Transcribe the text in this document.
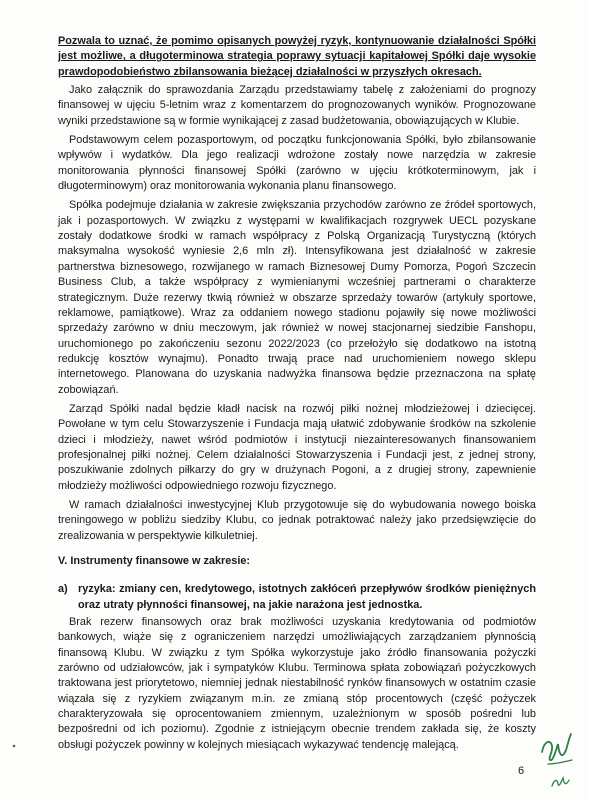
Pozwala to uznać, że pomimo opisanych powyżej ryzyk, kontynuowanie działalności Spółki jest możliwe, a długoterminowa strategia poprawy sytuacji kapitałowej Spółki daje wysokie prawdopodobieństwo zbilansowania bieżącej działalności w przyszłych okresach.

Jako załącznik do sprawozdania Zarządu przedstawiamy tabelę z założeniami do prognozy finansowej w ujęciu 5-letnim wraz z komentarzem do prognozowanych wyników. Prognozowane wyniki przedstawione są w formie wynikającej z zasad budżetowania, obowiązujących w Klubie.

Podstawowym celem pozasportowym, od początku funkcjonowania Spółki, było zbilansowanie wpływów i wydatków. Dla jego realizacji wdrożone zostały nowe narzędzia w zakresie monitorowania płynności finansowej Spółki (zarówno w ujęciu krótkoterminowym, jak i długoterminowym) oraz monitorowania wykonania planu finansowego.

Spółka podejmuje działania w zakresie zwiększania przychodów zarówno ze źródeł sportowych, jak i pozasportowych. W związku z występami w kwalifikacjach rozgrywek UECL pozyskane zostały dodatkowe środki w ramach współpracy z Polską Organizacją Turystyczną (których maksymalna wysokość wyniesie 2,6 mln zł). Intensyfikowana jest działalność w zakresie partnerstwa biznesowego, rozwijanego w ramach Biznesowej Dumy Pomorza, Pogoń Szczecin Business Club, a także współpracy z wymienianymi wcześniej partnerami o charakterze strategicznym. Duże rezerwy tkwią również w obszarze sprzedaży towarów (artykuły sportowe, reklamowe, pamiątkowe). Wraz za oddaniem nowego stadionu pojawiły się nowe możliwości sprzedaży zarówno w dniu meczowym, jak również w nowej stacjonarnej siedzibie Fanshopu, uruchomionego po zakończeniu sezonu 2022/2023 (co przełożyło się dodatkowo na istotną redukcję kosztów wynajmu). Ponadto trwają prace nad uruchomieniem nowego sklepu internetowego. Planowana do uzyskania nadwyżka finansowa będzie przeznaczona na spłatę zobowiązań.

Zarząd Spółki nadal będzie kładł nacisk na rozwój piłki nożnej młodzieżowej i dziecięcej. Powołane w tym celu Stowarzyszenie i Fundacja mają ułatwić zdobywanie środków na szkolenie dzieci i młodzieży, nawet wśród podmiotów i instytucji niezainteresowanych finansowaniem profesjonalnej piłki nożnej. Celem działalności Stowarzyszenia i Fundacji jest, z jednej strony, poszukiwanie zdolnych piłkarzy do gry w drużynach Pogoni, a z drugiej strony, zapewnienie młodzieży możliwości odpowiedniego rozwoju fizycznego.

W ramach działalności inwestycyjnej Klub przygotowuje się do wybudowania nowego boiska treningowego w pobliżu siedziby Klubu, co jednak potraktować należy jako przedsięwzięcie do zrealizowania w perspektywie kilkuletniej.

V. Instrumenty finansowe w zakresie:

a) ryzyka: zmiany cen, kredytowego, istotnych zakłóceń przepływów środków pieniężnych oraz utraty płynności finansowej, na jakie narażona jest jednostka.

Brak rezerw finansowych oraz brak możliwości uzyskania kredytowania od podmiotów bankowych, wiąże się z ograniczeniem narzędzi umożliwiających zarządzaniem płynnością finansową Klubu. W związku z tym Spółka wykorzystuje jako źródło finansowania pożyczki zarówno od udziałowców, jak i sympatyków Klubu. Terminowa spłata zobowiązań pożyczkowych traktowana jest priorytetowo, niemniej jednak niestabilność rynków finansowych w ostatnim czasie wiązała się z ryzykiem związanym m.in. ze zmianą stóp procentowych (część pożyczek charakteryzowała się oprocentowaniem zmiennym, uzależnionym w sposób pośredni lub bezpośredni od ich poziomu). Zgodnie z istniejącym obecnie trendem zakłada się, że koszty obsługi pożyczek powinny w kolejnych miesiącach wykazywać tendencję malejącą.

6
